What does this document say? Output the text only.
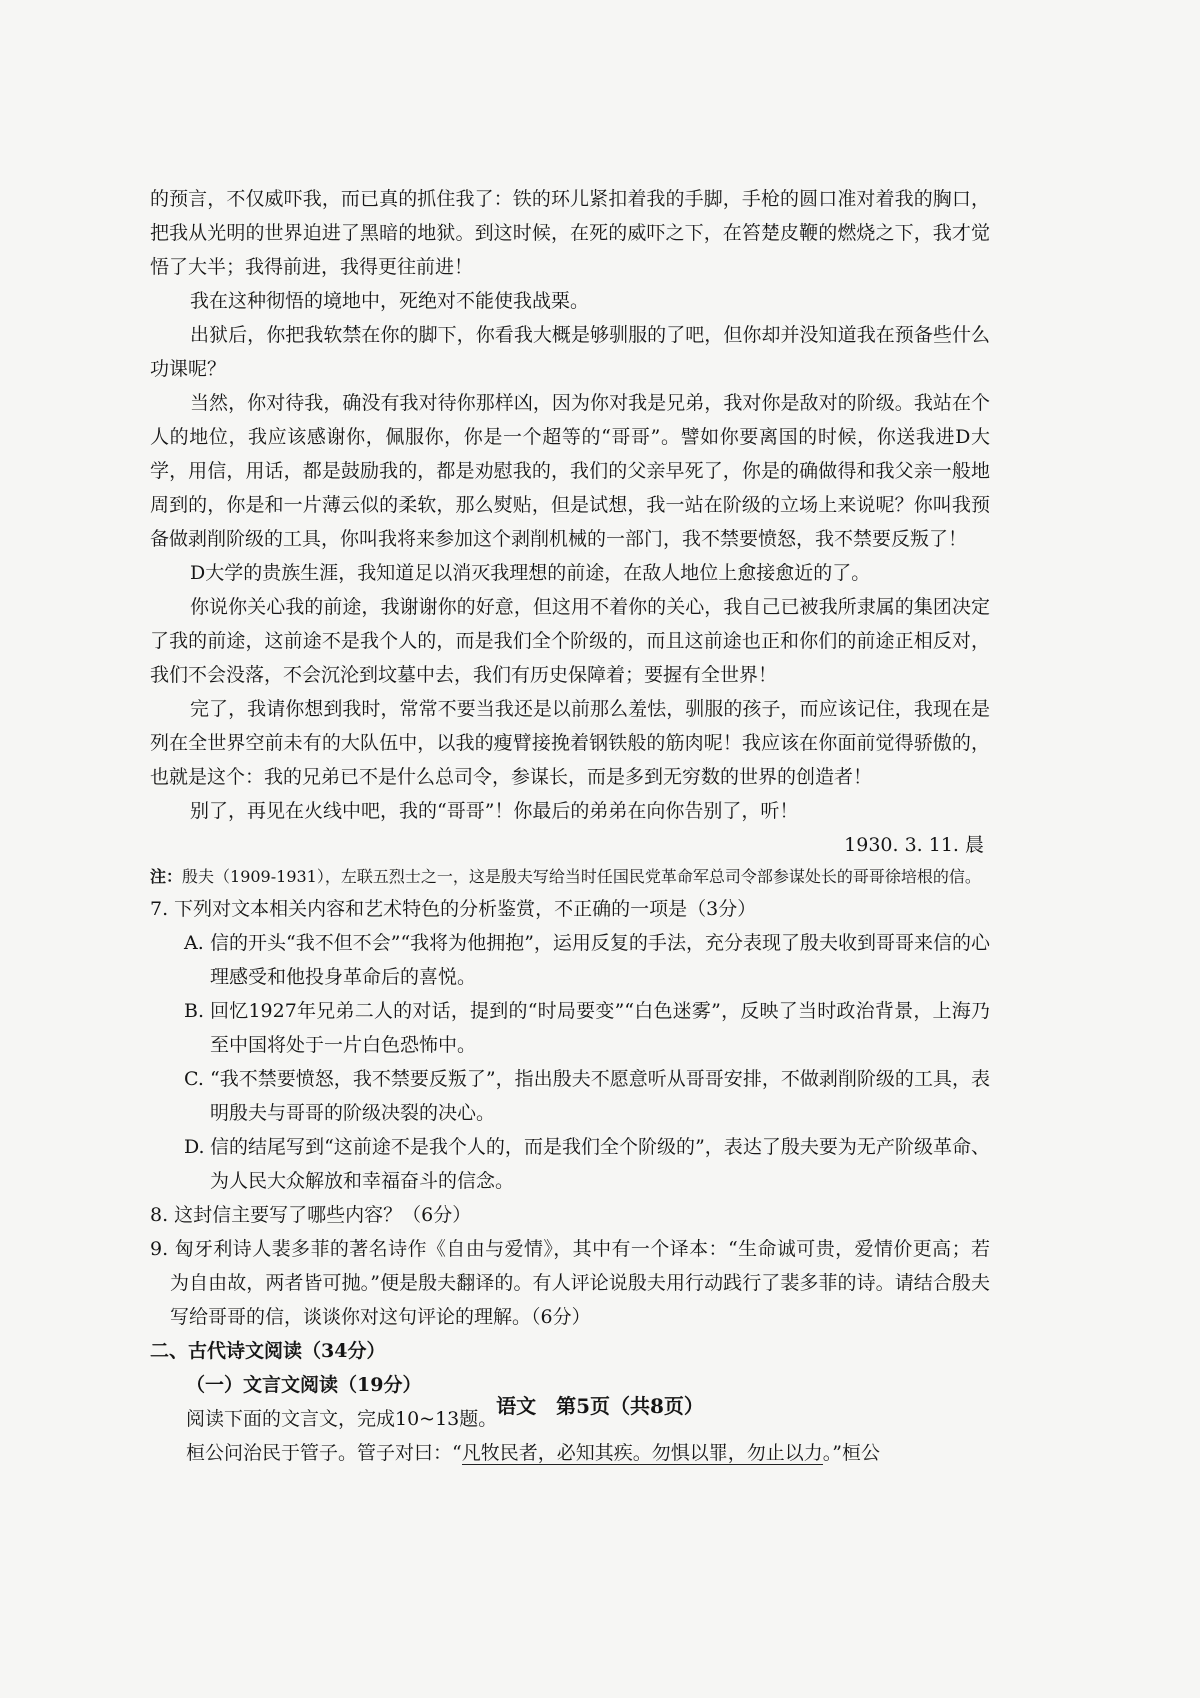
的预言，不仅威吓我，而已真的抓住我了：铁的环儿紧扣着我的手脚，手枪的圆口准对着我的胸口，把我从光明的世界迫进了黑暗的地狱。到这时候，在死的威吓之下，在笞楚皮鞭的燃烧之下，我才觉悟了大半；我得前进，我得更往前进！

我在这种彻悟的境地中，死绝对不能使我战栗。

出狱后，你把我软禁在你的脚下，你看我大概是够驯服的了吧，但你却并没知道我在预备些什么功课呢？

当然，你对待我，确没有我对待你那样凶，因为你对我是兄弟，我对你是敌对的阶级。我站在个人的地位，我应该感谢你，佩服你，你是一个超等的“哥哥”。譬如你要离国的时候，你送我进D大学，用信，用话，都是鼓励我的，都是劝慰我的，我们的父亲早死了，你是的确做得和我父亲一般地周到的，你是和一片薄云似的柔软，那么熨贴，但是试想，我一站在阶级的立场上来说呢？你叫我预备做剥削阶级的工具，你叫我将来参加这个剥削机械的一部门，我不禁要愤怒，我不禁要反叛了！

D大学的贵族生涯，我知道足以消灭我理想的前途，在敌人地位上愈接愈近的了。

你说你关心我的前途，我谢谢你的好意，但这用不着你的关心，我自己已被我所隶属的集团决定了我的前途，这前途不是我个人的，而是我们全个阶级的，而且这前途也正和你们的前途正相反对，我们不会没落，不会沉沦到坟墓中去，我们有历史保障着；要握有全世界！

完了，我请你想到我时，常常不要当我还是以前那么羞怯，驯服的孩子，而应该记住，我现在是列在全世界空前未有的大队伍中，以我的瘦臂接挽着钢铁般的筋肉呢！我应该在你面前觉得骄傲的，也就是这个：我的兄弟已不是什么总司令，参谋长，而是多到无穷数的世界的创造者！

别了，再见在火线中吧，我的“哥哥”！你最后的弟弟在向你告别了，听！

1930. 3. 11. 晨

注：殷夫（1909-1931），左联五烈士之一，这是殷夫写给当时任国民党革命军总司令部参谋处长的哥哥徐培根的信。

7. 下列对文本相关内容和艺术特色的分析鉴赏，不正确的一项是（3分）

A. 信的开头“我不但不会”“我将为他拥抱”，运用反复的手法，充分表现了殷夫收到哥哥来信的心理感受和他投身革命后的喜悦。
B. 回忆1927年兄弟二人的对话，提到的“时局要变”“白色迷雾”，反映了当时政治背景，上海乃至中国将处于一片白色恐怖中。
C. “我不禁要愤怒，我不禁要反叛了”，指出殷夫不愿意听从哥哥安排，不做剥削阶级的工具，表明殷夫与哥哥的阶级决裂的决心。
D. 信的结尾写到“这前途不是我个人的，而是我们全个阶级的”，表达了殷夫要为无产阶级革命、为人民大众解放和幸福奋斗的信念。

8. 这封信主要写了哪些内容？（6分）

9. 匈牙利诗人裴多菲的著名诗作《自由与爱情》，其中有一个译本：“生命诚可贵，爱情价更高；若为自由故，两者皆可抛。”便是殷夫翻译的。有人评论说殷夫用行动践行了裴多菲的诗。请结合殷夫写给哥哥的信，谈谈你对这句评论的理解。（6分）

二、古代诗文阅读（34分）

（一）文言文阅读（19分）

阅读下面的文言文，完成10~13题。

桓公问治民于管子。管子对曰：“凡牧民者，必知其疾。勿惧以罪，勿止以力。”桓公

语文　第5页（共8页）
